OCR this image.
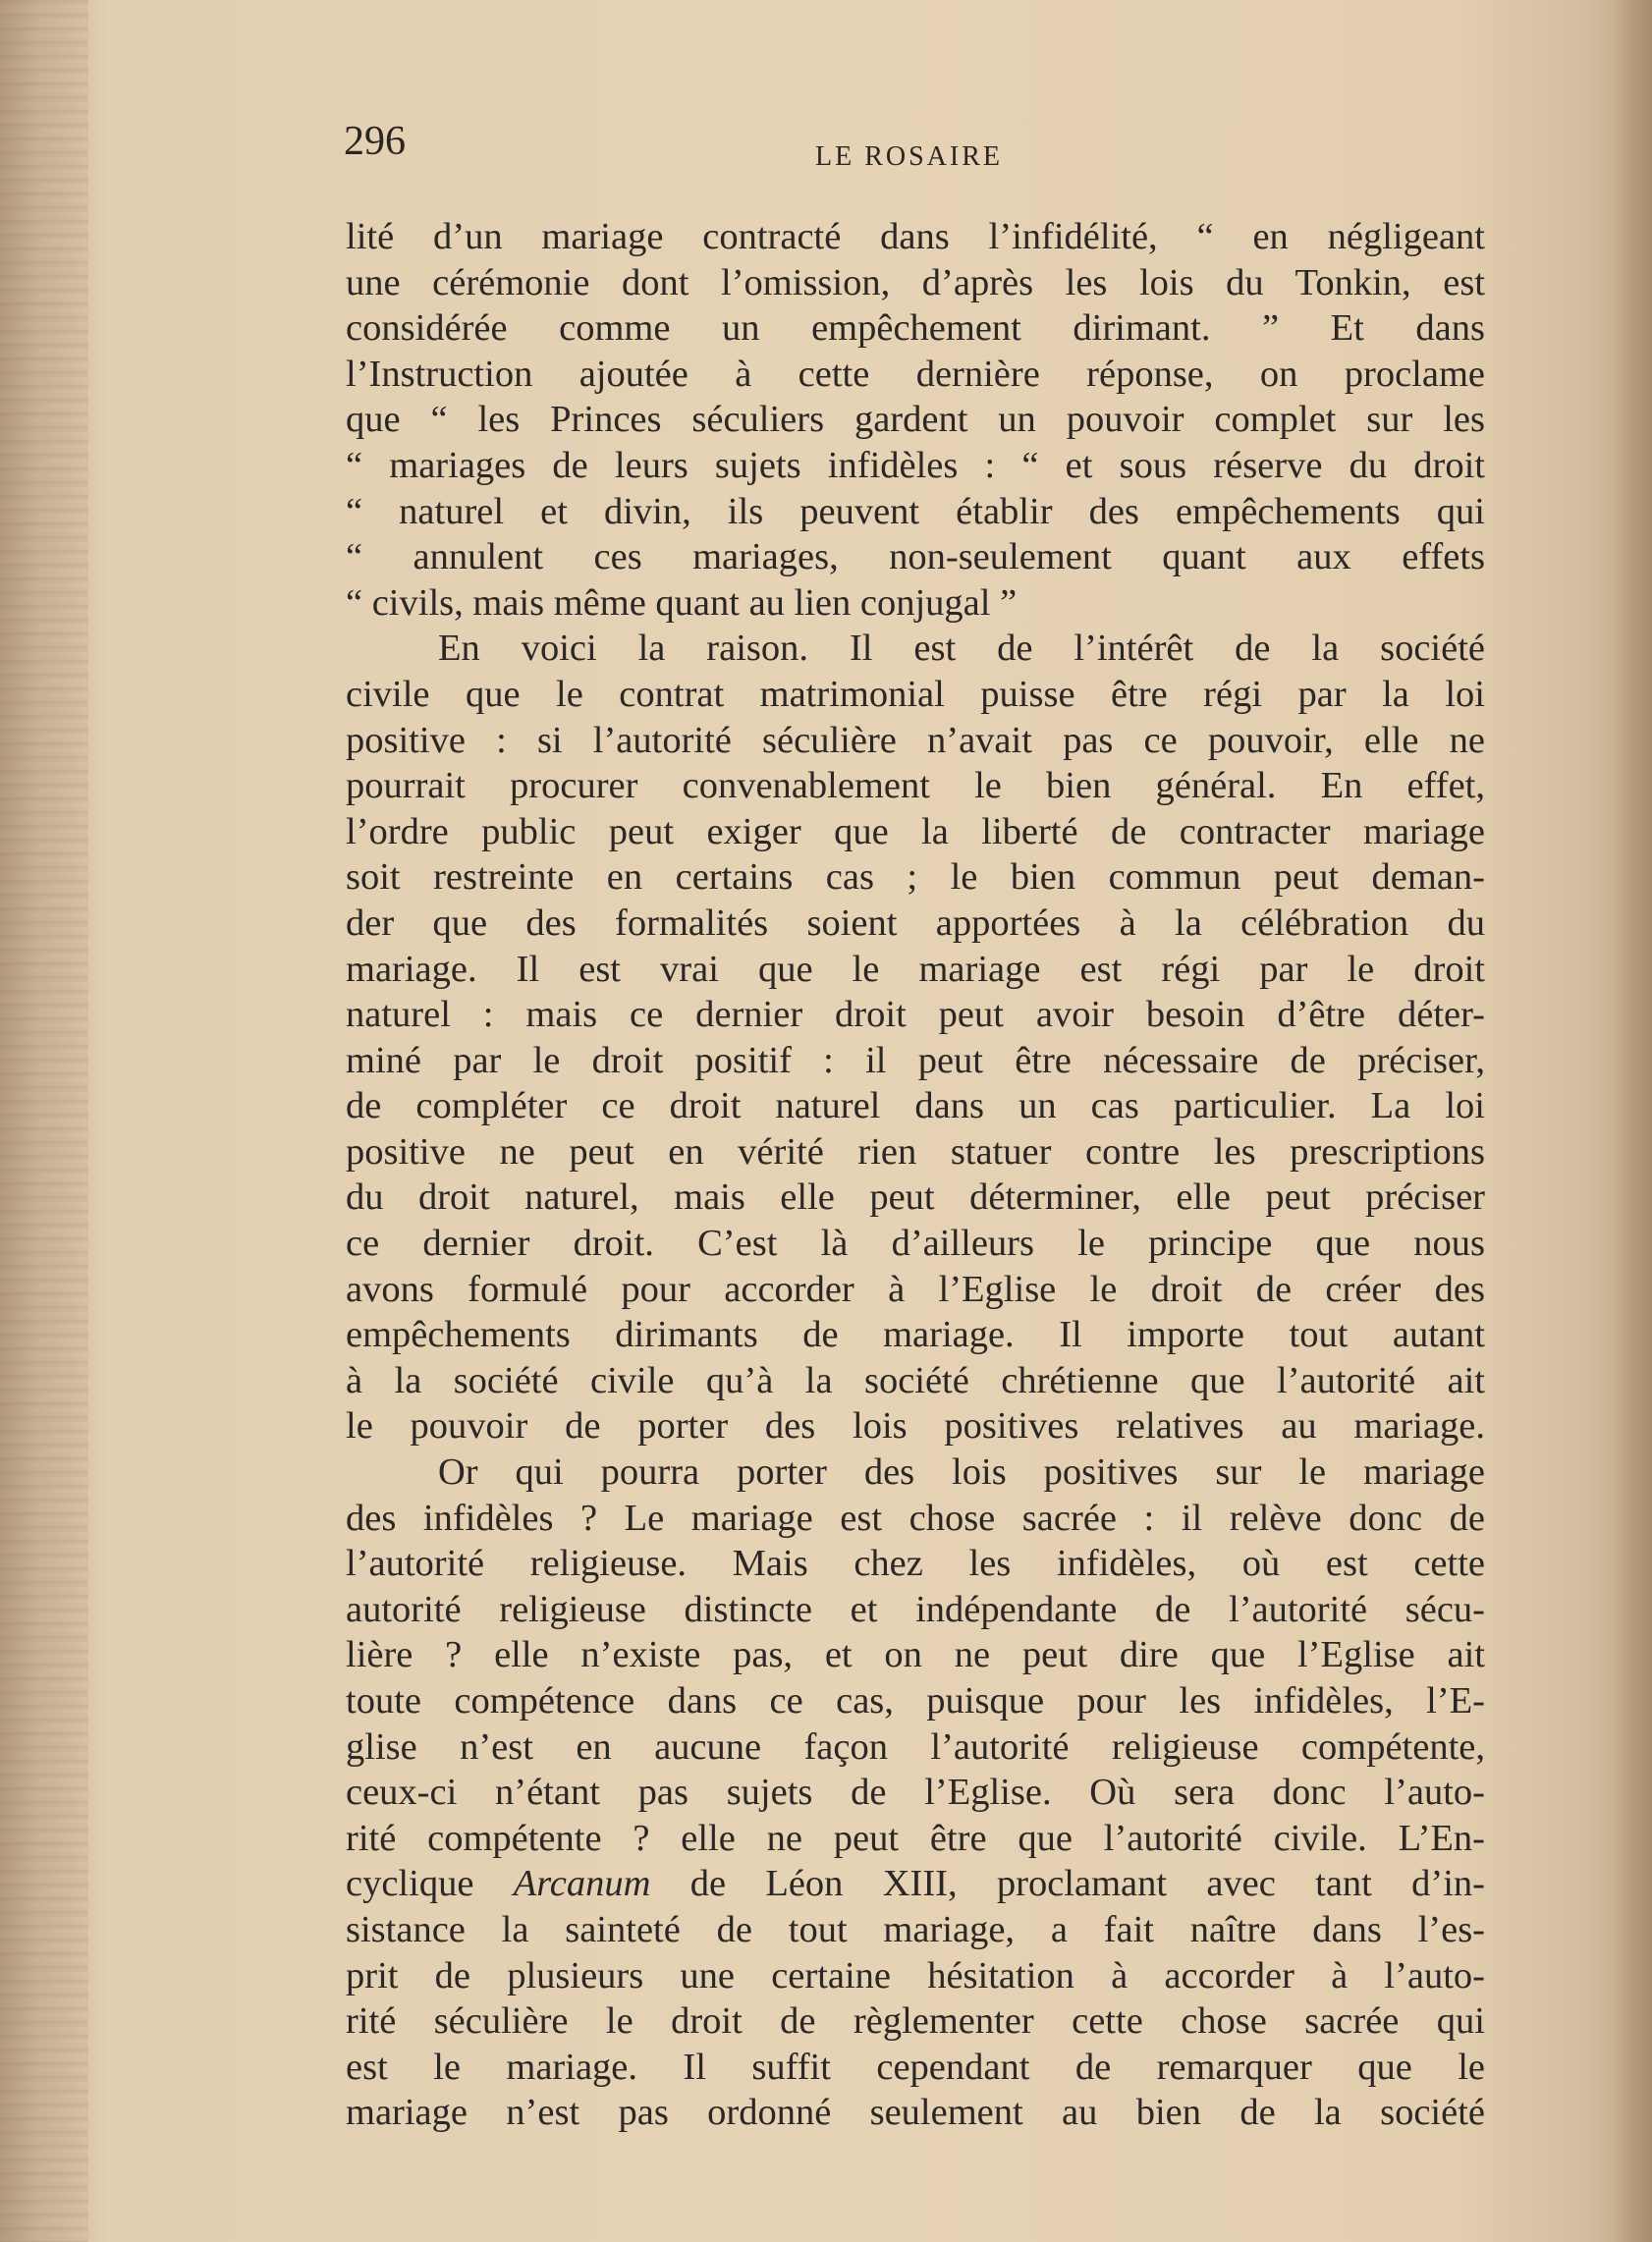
296	LE ROSAIRE
lité d’un mariage contracté dans l’infidélité, “ en négligeant
une cérémonie dont l’omission, d’après les lois du Tonkin, est
considérée comme un empêchement dirimant. ” Et dans
l’Instruction ajoutée à cette dernière réponse, on proclame
que “ les Princes séculiers gardent un pouvoir complet sur les
“ mariages de leurs sujets infidèles : “ et sous réserve du droit
“ naturel et divin, ils peuvent établir des empêchements qui
“ annulent ces mariages, non-seulement quant aux effets
“ civils, mais même quant au lien conjugal ”
En voici la raison. Il est de l’intérêt de la société
civile que le contrat matrimonial puisse être régi par la loi
positive : si l’autorité séculière n’avait pas ce pouvoir, elle ne
pourrait procurer convenablement le bien général. En effet,
l’ordre public peut exiger que la liberté de contracter mariage
soit restreinte en certains cas ; le bien commun peut deman-
der que des formalités soient apportées à la célébration du
mariage. Il est vrai que le mariage est régi par le droit
naturel : mais ce dernier droit peut avoir besoin d’être déter-
miné par le droit positif : il peut être nécessaire de préciser,
de compléter ce droit naturel dans un cas particulier. La loi
positive ne peut en vérité rien statuer contre les prescriptions
du droit naturel, mais elle peut déterminer, elle peut préciser
ce dernier droit. C’est là d’ailleurs le principe que nous
avons formulé pour accorder à l’Eglise le droit de créer des
empêchements dirimants de mariage. Il importe tout autant
à la société civile qu’à la société chrétienne que l’autorité ait
le pouvoir de porter des lois positives relatives au mariage.
Or qui pourra porter des lois positives sur le mariage
des infidèles ? Le mariage est chose sacrée : il relève donc de
l’autorité religieuse. Mais chez les infidèles, où est cette
autorité religieuse distincte et indépendante de l’autorité sécu-
lière ? elle n’existe pas, et on ne peut dire que l’Eglise ait
toute compétence dans ce cas, puisque pour les infidèles, l’E-
glise n’est en aucune façon l’autorité religieuse compétente,
ceux-ci n’étant pas sujets de l’Eglise. Où sera donc l’auto-
rité compétente ? elle ne peut être que l’autorité civile. L’En-
cyclique Arcanum de Léon XIII, proclamant avec tant d’in-
sistance la sainteté de tout mariage, a fait naître dans l’es-
prit de plusieurs une certaine hésitation à accorder à l’auto-
rité séculière le droit de règlementer cette chose sacrée qui
est le mariage. Il suffit cependant de remarquer que le
mariage n’est pas ordonné seulement au bien de la société
